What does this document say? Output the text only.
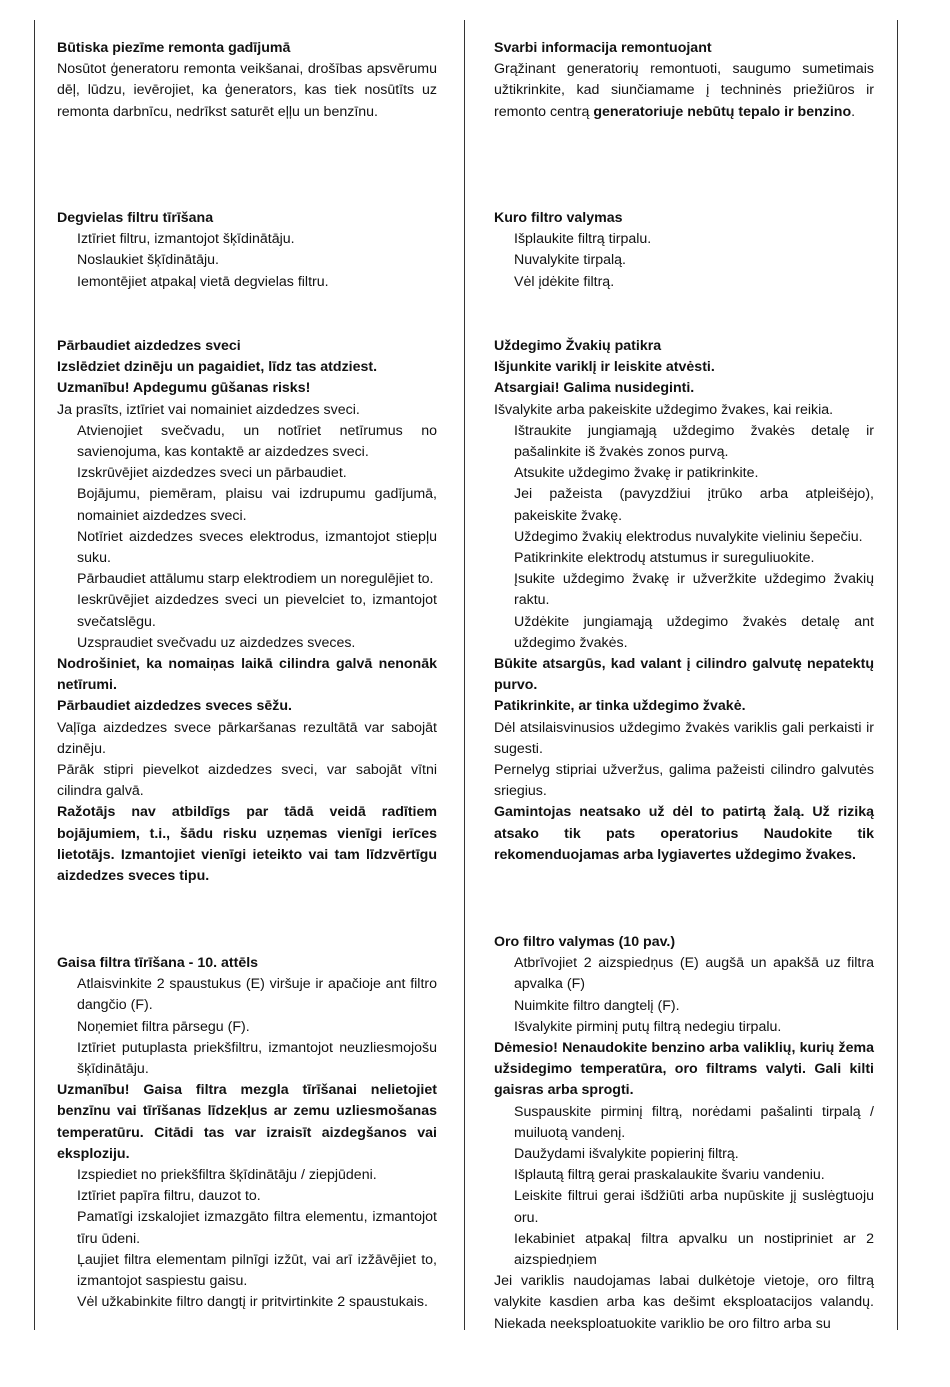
Būtiska piezīme remonta gadījumā

Nosūtot ģeneratoru remonta veikšanai, drošības apsvērumu dēļ, lūdzu, ievērojiet, ka ģenerators, kas tiek nosūtīts uz remonta darbnīcu, nedrīkst saturēt eļļu un benzīnu.

Degvielas filtru tīrīšana

Iztīriet filtru, izmantojot šķīdinātāju.

Noslaukiet šķīdinātāju.

Iemontējiet atpakaļ vietā degvielas filtru.

Pārbaudiet aizdedzes sveci

Izslēdziet dzinēju un pagaidiet, līdz tas atdziest.

Uzmanību! Apdegumu gūšanas risks!

Ja prasīts, iztīriet vai nomainiet aizdedzes sveci.

Atvienojiet svečvadu, un notīriet netīrumus no savienojuma, kas kontaktē ar aizdedzes sveci.

Izskrūvējiet aizdedzes sveci un pārbaudiet.

Bojājumu, piemēram, plaisu vai izdrupumu gadījumā, nomainiet aizdedzes sveci.

Notīriet aizdedzes sveces elektrodus, izmantojot stiepļu suku.

Pārbaudiet attālumu starp elektrodiem un noregulējiet to.

Ieskrūvējiet aizdedzes sveci un pievelciet to, izmantojot svečatslēgu.

Uzspraudiet svečvadu uz aizdedzes sveces.

Nodrošiniet, ka nomaiņas laikā cilindra galvā nenonāk netīrumi.

Pārbaudiet aizdedzes sveces sēžu.

Vaļīga aizdedzes svece pārkaršanas rezultātā var sabojāt dzinēju.

Pārāk stipri pievelkot aizdedzes sveci, var sabojāt vītni cilindra galvā.

Ražotājs nav atbildīgs par tādā veidā radītiem bojājumiem, t.i., šādu risku uzņemas vienīgi ierīces lietotājs. Izmantojiet vienīgi ieteikto vai tam līdzvērtīgu aizdedzes sveces tipu.

Gaisa filtra tīrīšana - 10. attēls

Atlaisvinkite 2 spaustukus (E) viršuje ir apačioje ant filtro dangčio (F).

Noņemiet filtra pārsegu (F).

Iztīriet putuplasta priekšfiltru, izmantojot neuzliesmojošu šķīdinātāju.

Uzmanību! Gaisa filtra mezgla tīrīšanai nelietojiet benzīnu vai tīrīšanas līdzekļus ar zemu uzliesmošanas temperatūru. Citādi tas var izraisīt aizdegšanos vai eksploziju.

Izspiediet no priekšfiltra šķīdinātāju / ziepjūdeni.

Iztīriet papīra filtru, dauzot to.

Pamatīgi izskalojiet izmazgāto filtra elementu, izmantojot tīru ūdeni.

Ļaujiet filtra elementam pilnīgi izžūt, vai arī izžāvējiet to, izmantojot saspiestu gaisu.

Vėl užkabinkite filtro dangtį ir pritvirtinkite 2 spaustukais.

Svarbi informacija remontuojant

Grąžinant generatorių remontuoti, saugumo sumetimais užtikrinkite, kad siunčiamame į techninės priežiūros ir remonto centrą generatoriuje nebūtų tepalo ir benzino.

Kuro filtro valymas

Išplaukite filtrą tirpalu.

Nuvalykite tirpalą.

Vėl įdėkite filtrą.

Uždegimo Žvakių patikra

Išjunkite variklį ir leiskite atvėsti.

Atsargiai! Galima nusideginti.

Išvalykite arba pakeiskite uždegimo žvakes, kai reikia.

Ištraukite jungiamąją uždegimo žvakės detalę ir pašalinkite iš žvakės zonos purvą.

Atsukite uždegimo žvakę ir patikrinkite.

Jei pažeista (pavyzdžiui įtrūko arba atpleišėjo), pakeiskite žvakę.

Uždegimo žvakių elektrodus nuvalykite vieliniu šepečiu.

Patikrinkite elektrodų atstumus ir sureguliuokite.

Įsukite uždegimo žvakę ir užveržkite uždegimo žvakių raktu.

Uždėkite jungiamąją uždegimo žvakės detalę ant uždegimo žvakės.

Būkite atsargūs, kad valant į cilindro galvutę nepatektų purvo.

Patikrinkite, ar tinka uždegimo žvakė.

Dėl atsilaisvinusios uždegimo žvakės variklis gali perkaisti ir sugesti.

Pernelyg stipriai užveržus, galima pažeisti cilindro galvutės sriegius.

Gamintojas neatsako už dėl to patirtą žalą. Už riziką atsako tik pats operatorius Naudokite tik rekomenduojamas arba lygiavertes uždegimo žvakes.

Oro filtro valymas (10 pav.)

Atbrīvojiet 2 aizspiedņus (E) augšā un apakšā uz filtra apvalka (F)

Nuimkite filtro dangtelį (F).

Išvalykite pirminį putų filtrą nedegiu tirpalu.

Dėmesio! Nenaudokite benzino arba valiklių, kurių žema užsidegimo temperatūra, oro filtrams valyti. Gali kilti gaisras arba sprogti.

Suspauskite pirminį filtrą, norėdami pašalinti tirpalą / muiluotą vandenį.

Daužydami išvalykite popierinį filtrą.

Išplautą filtrą gerai praskalaukite švariu vandeniu.

Leiskite filtrui gerai išdžiūti arba nupūskite jį suslėgtuoju oru.

Iekabiniet atpakaļ filtra apvalku un nostipriniet ar 2 aizspiedņiem

Jei variklis naudojamas labai dulkėtoje vietoje, oro filtrą valykite kasdien arba kas dešimt eksploatacijos valandų. Niekada neeksploatuokite variklio be oro filtro arba su
